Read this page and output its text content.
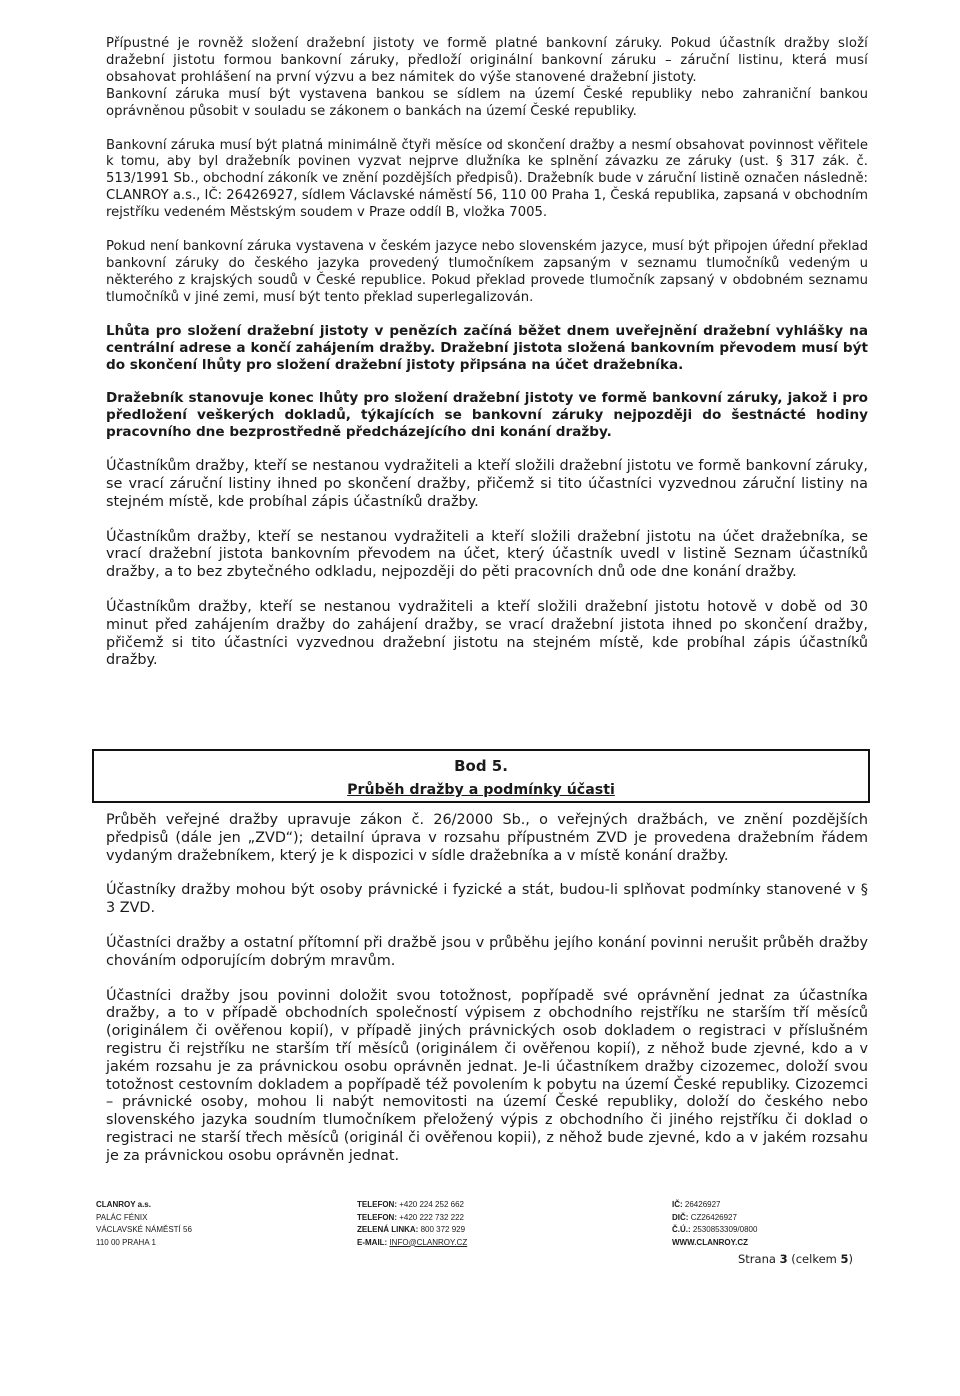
Přípustné je rovněž složení dražební jistoty ve formě platné bankovní záruky. Pokud účastník dražby složí dražební jistotu formou bankovní záruky, předloží originální bankovní záruku – záruční listinu, která musí obsahovat prohlášení na první výzvu a bez námitek do výše stanovené dražební jistoty.

Bankovní záruka musí být vystavena bankou se sídlem na území České republiky nebo zahraniční bankou oprávněnou působit v souladu se zákonem o bankách na území České republiky.

Bankovní záruka musí být platná minimálně čtyři měsíce od skončení dražby a nesmí obsahovat povinnost věřitele k tomu, aby byl dražebník povinen vyzvat nejprve dlužníka ke splnění závazku ze záruky (ust. § 317 zák. č. 513/1991 Sb., obchodní zákoník ve znění pozdějších předpisů). Dražebník bude v záruční listině označen následně: CLANROY a.s., IČ: 26426927, sídlem Václavské náměstí 56, 110 00 Praha 1, Česká republika, zapsaná v obchodním rejstříku vedeném Městským soudem v Praze oddíl B, vložka 7005.

Pokud není bankovní záruka vystavena v českém jazyce nebo slovenském jazyce, musí být připojen úřední překlad bankovní záruky do českého jazyka provedený tlumočníkem zapsaným v seznamu tlumočníků vedeným u některého z krajských soudů v České republice. Pokud překlad provede tlumočník zapsaný v obdobném seznamu tlumočníků v jiné zemi, musí být tento překlad superlegalizován.

Lhůta pro složení dražební jistoty v penězích začíná běžet dnem uveřejnění dražební vyhlášky na centrální adrese a končí zahájením dražby. Dražební jistota složená bankovním převodem musí být do skončení lhůty pro složení dražební jistoty připsána na účet dražebníka.

Dražebník stanovuje konec lhůty pro složení dražební jistoty ve formě bankovní záruky, jakož i pro předložení veškerých dokladů, týkajících se bankovní záruky nejpozději do šestnácté hodiny pracovního dne bezprostředně předcházejícího dni konání dražby.

Účastníkům dražby, kteří se nestanou vydražiteli a kteří složili dražební jistotu ve formě bankovní záruky, se vrací záruční listiny ihned po skončení dražby, přičemž si tito účastníci vyzvednou záruční listiny na stejném místě, kde probíhal zápis účastníků dražby.

Účastníkům dražby, kteří se nestanou vydražiteli a kteří složili dražební jistotu na účet dražebníka, se vrací dražební jistota bankovním převodem na účet, který účastník uvedl v listině Seznam účastníků dražby, a to bez zbytečného odkladu, nejpozději do pěti pracovních dnů ode dne konání dražby.

Účastníkům dražby, kteří se nestanou vydražiteli a kteří složili dražební jistotu hotově v době od 30 minut před zahájením dražby do zahájení dražby, se vrací dražební jistota ihned po skončení dražby, přičemž si tito účastníci vyzvednou dražební jistotu na stejném místě, kde probíhal zápis účastníků dražby.

Bod 5.
Průběh dražby a podmínky účasti

Průběh veřejné dražby upravuje zákon č. 26/2000 Sb., o veřejných dražbách, ve znění pozdějších předpisů (dále jen „ZVD“); detailní úprava v rozsahu přípustném ZVD je provedena dražebním řádem vydaným dražebníkem, který je k dispozici v sídle dražebníka a v místě konání dražby.

Účastníky dražby mohou být osoby právnické i fyzické a stát, budou-li splňovat podmínky stanovené v § 3 ZVD.

Účastníci dražby a ostatní přítomní při dražbě jsou v průběhu jejího konání povinni nerušit průběh dražby chováním odporujícím dobrým mravům.

Účastníci dražby jsou povinni doložit svou totožnost, popřípadě své oprávnění jednat za účastníka dražby, a to v případě obchodních společností výpisem z obchodního rejstříku ne starším tří měsíců (originálem či ověřenou kopií), v případě jiných právnických osob dokladem o registraci v příslušném registru či rejstříku ne starším tří měsíců (originálem či ověřenou kopií), z něhož bude zjevné, kdo a v jakém rozsahu je za právnickou osobu oprávněn jednat. Je-li účastníkem dražby cizozemec, doloží svou totožnost cestovním dokladem a popřípadě též povolením k pobytu na území České republiky. Cizozemci – právnické osoby, mohou li nabýt nemovitosti na území České republiky, doloží do českého nebo slovenského jazyka soudním tlumočníkem přeložený výpis z obchodního či jiného rejstříku či doklad o registraci ne starší třech měsíců (originál či ověřenou kopii), z něhož bude zjevné, kdo a v jakém rozsahu je za právnickou osobu oprávněn jednat.

CLANROY a.s.
PALÁC FÉNIX
VÁCLAVSKÉ NÁMĚSTÍ 56
110 00 PRAHA 1
TELEFON: +420 224 252 662
TELEFON: +420 222 732 222
ZELENÁ LINKA: 800 372 929
E-MAIL: INFO@CLANROY.CZ
IČ: 26426927
DIČ: CZ26426927
Č.Ú.: 2530853309/0800
WWW.CLANROY.CZ
Strana 3 (celkem 5)
